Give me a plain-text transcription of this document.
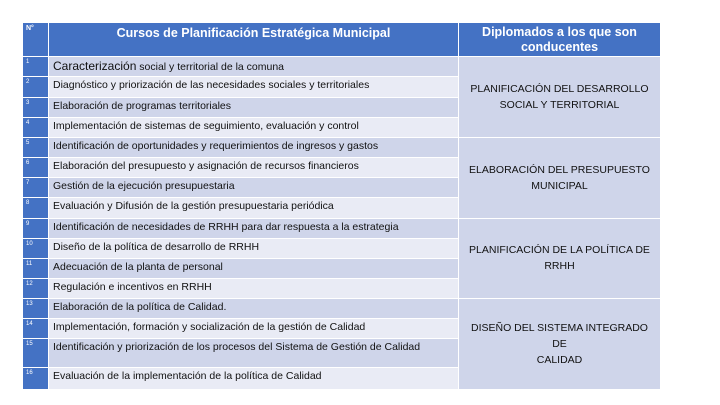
N°	Cursos de Planificación Estratégica Municipal	Diplomados a los que son conducentes
1	Caracterización social y territorial de la comuna	PLANIFICACIÓN DEL DESARROLLO
SOCIAL Y TERRITORIAL

2	Diagnóstico y priorización de las necesidades sociales y territoriales	
3	Elaboración de programas territoriales	
4	Implementación de sistemas de seguimiento, evaluación y control	
5	Identificación de oportunidades y requerimientos de ingresos y gastos	ELABORACIÓN DEL PRESUPUESTO
MUNICIPAL

6	Elaboración del presupuesto y asignación de recursos financieros	
7	Gestión de la ejecución presupuestaria	
8	Evaluación y Difusión de la gestión presupuestaria periódica	
9	Identificación de necesidades de RRHH para dar respuesta a la estrategia	PLANIFICACIÓN DE LA POLÍTICA DE
RRHH

10	Diseño de la política de desarrollo de RRHH	
11	Adecuación de la planta de personal	
12	Regulación e incentivos en RRHH	
13	Elaboración de la política de Calidad.	DISEÑO DEL SISTEMA INTEGRADO DE
CALIDAD

14	Implementación, formación y socialización de la gestión de Calidad	
15	Identificación y priorización de los procesos del Sistema de Gestión de Calidad	
16	Evaluación de la implementación de la política de Calidad	
